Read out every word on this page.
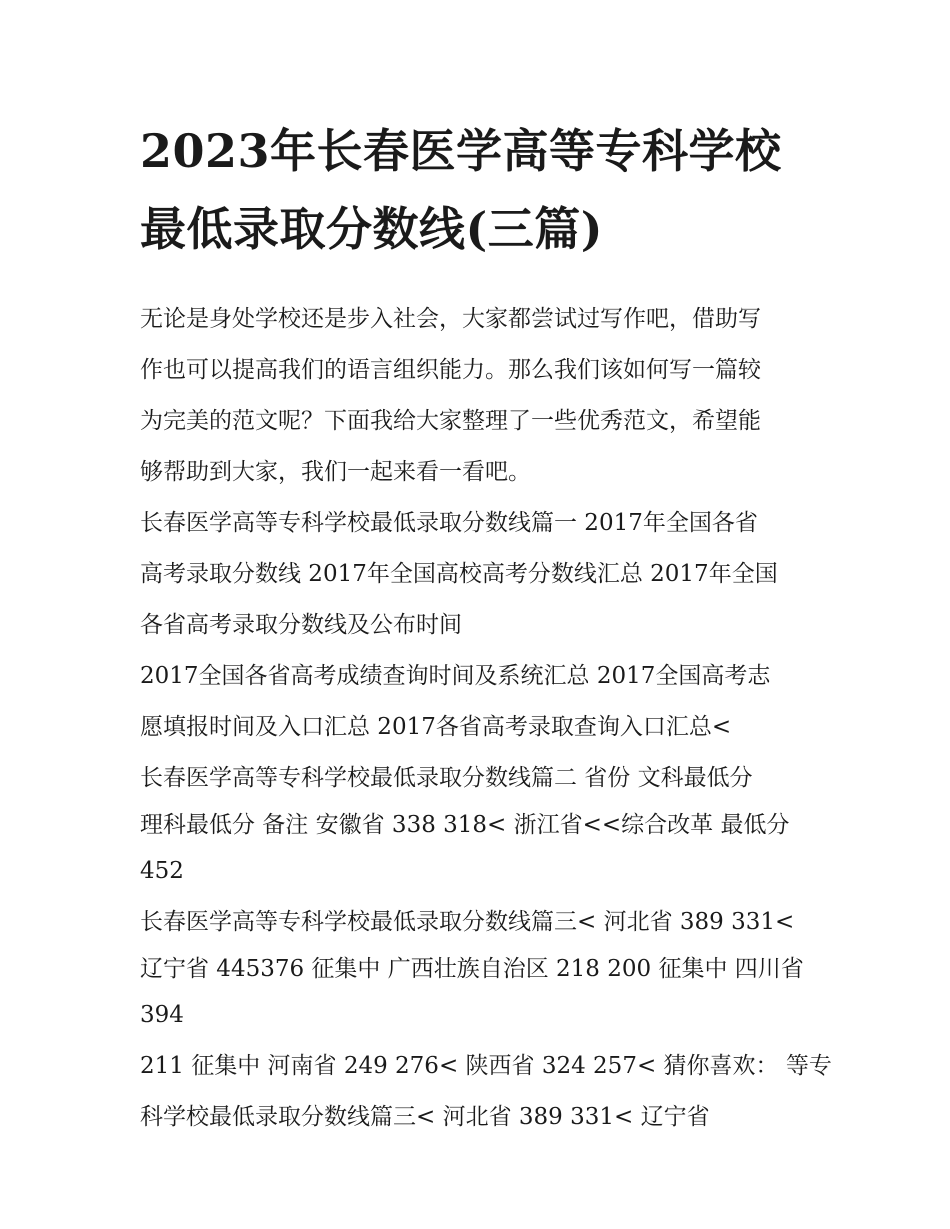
2023年长春医学高等专科学校
最低录取分数线(三篇)
无论是身处学校还是步入社会，大家都尝试过写作吧，借助写
作也可以提高我们的语言组织能力。那么我们该如何写一篇较
为完美的范文呢？下面我给大家整理了一些优秀范文，希望能
够帮助到大家，我们一起来看一看吧。
长春医学高等专科学校最低录取分数线篇一 2017年全国各省
高考录取分数线 2017年全国高校高考分数线汇总 2017年全国
各省高考录取分数线及公布时间
2017全国各省高考成绩查询时间及系统汇总 2017全国高考志
愿填报时间及入口汇总 2017各省高考录取查询入口汇总<
长春医学高等专科学校最低录取分数线篇二 省份 文科最低分
理科最低分 备注 安徽省 338 318< 浙江省<<综合改革 最低分
452
长春医学高等专科学校最低录取分数线篇三< 河北省 389 331<
辽宁省 445376 征集中 广西壮族自治区 218 200 征集中 四川省
394
211 征集中 河南省 249 276< 陕西省 324 257< 猜你喜欢： 等专
科学校最低录取分数线篇三< 河北省 389 331< 辽宁省
